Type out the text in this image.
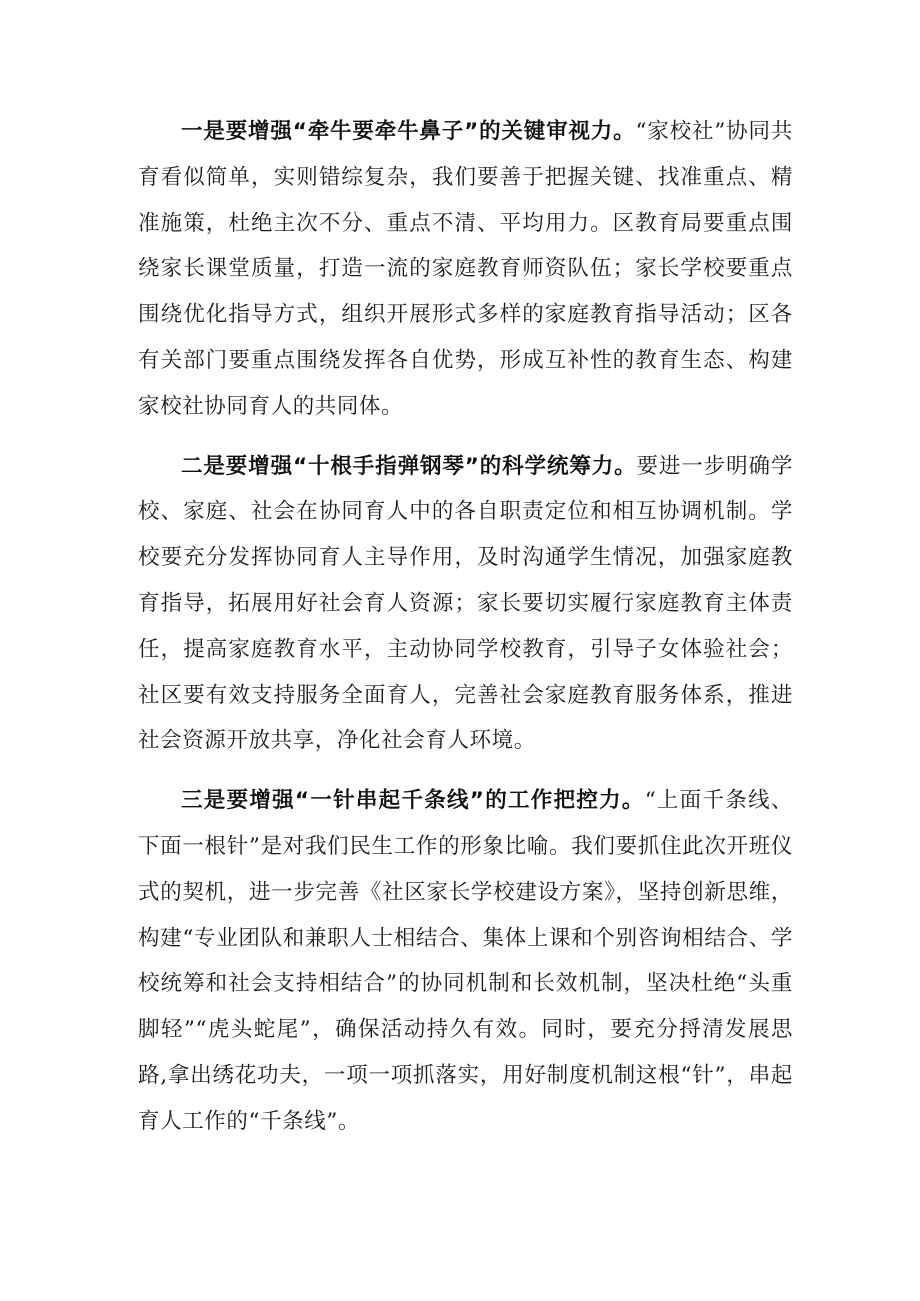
一是要增强“牵牛要牵牛鼻子”的关键审视力。“家校社”协同共育看似简单，实则错综复杂，我们要善于把握关键、找准重点、精准施策，杜绝主次不分、重点不清、平均用力。区教育局要重点围绕家长课堂质量，打造一流的家庭教育师资队伍；家长学校要重点围绕优化指导方式，组织开展形式多样的家庭教育指导活动；区各有关部门要重点围绕发挥各自优势，形成互补性的教育生态、构建家校社协同育人的共同体。

二是要增强“十根手指弹钢琴”的科学统筹力。要进一步明确学校、家庭、社会在协同育人中的各自职责定位和相互协调机制。学校要充分发挥协同育人主导作用，及时沟通学生情况，加强家庭教育指导，拓展用好社会育人资源；家长要切实履行家庭教育主体责任，提高家庭教育水平，主动协同学校教育，引导子女体验社会；社区要有效支持服务全面育人，完善社会家庭教育服务体系，推进社会资源开放共享，净化社会育人环境。

三是要增强“一针串起千条线”的工作把控力。“上面千条线、下面一根针”是对我们民生工作的形象比喻。我们要抓住此次开班仪式的契机，进一步完善《社区家长学校建设方案》，坚持创新思维，构建“专业团队和兼职人士相结合、集体上课和个别咨询相结合、学校统筹和社会支持相结合”的协同机制和长效机制，坚决杜绝“头重脚轻”“虎头蛇尾”，确保活动持久有效。同时，要充分捋清发展思路,拿出绣花功夫，一项一项抓落实，用好制度机制这根“针”，串起育人工作的“千条线”。
